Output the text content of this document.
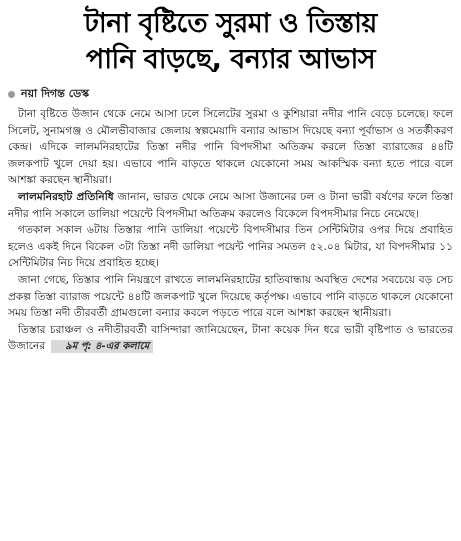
টানা বৃষ্টিতে সুরমা ও তিস্তায়
পানি বাড়ছে, বন্যার আভাস
নয়া দিগন্ত ডেস্ক

টানা বৃষ্টিতে উজান থেকে নেমে আসা ঢলে সিলেটের সুরমা ও কুশিয়ারা নদীর পানি বেড়ে চলেছে। ফলে সিলেট, সুনামগঞ্জ ও মৌলভীবাজার জেলায় স্বল্পমেয়াদি বন্যার আভাস দিয়েছে বন্যা পূর্বাভাস ও সতর্কীকরণ কেন্দ্র। এদিকে লালমনিরহাটের তিস্তা নদীর পানি বিপদসীমা অতিক্রম করলে তিস্তা ব্যারাজের ৪৪টি জলকপাট খুলে দেয়া হয়। এভাবে পানি বাড়তে থাকলে যেকোনো সময় আকস্মিক বন্যা হতে পারে বলে আশঙ্কা করছেন স্থানীয়রা।

লালমনিরহাট প্রতিনিধি জানান, ভারত থেকে নেমে আসা উজানের ঢল ও টানা ভারী বর্ষণের ফলে তিস্তা নদীর পানি সকালে ডালিয়া পয়েন্টে বিপদসীমা অতিক্রম করলেও বিকেলে বিপদসীমার নিচে নেমেছে।

গতকাল সকাল ৬টায় তিস্তার পানি ডালিয়া পয়েন্টে বিপদসীমার তিন সেন্টিমিটার ওপর দিয়ে প্রবাহিত হলেও একই দিনে বিকেল ৩টা তিস্তা নদী ডালিয়া পয়েন্ট পানির সমতল ৫২.০৪ মিটার, যা বিপদসীমার ১১ সেন্টিমিটার নিচ দিয়ে প্রবাহিত হচ্ছে।

জানা গেছে, তিস্তার পানি নিয়ন্ত্রণে রাখতে লালমনিরহাটের হাতিবান্ধায় অবস্থিত দেশের সবচেয়ে বড় সেচ প্রকল্প তিস্তা ব্যারাজ পয়েন্টে ৪৪টি জলকপাট খুলে দিয়েছে কর্তৃপক্ষ। এভাবে পানি বাড়তে থাকলে যেকোনো সময় তিস্তা নদী তীরবর্তী গ্রামগুলো বন্যার কবলে পড়তে পারে বলে আশঙ্কা করছেন স্থানীয়রা।

তিস্তার চরাঞ্চল ও নদীতীরবর্তী বাসিন্দারা জানিয়েছেন, টানা কয়েক দিন ধরে ভারী বৃষ্টিপাত ও ভারতের উজানের ৯ম পৃ: ৪-এর কলামে
